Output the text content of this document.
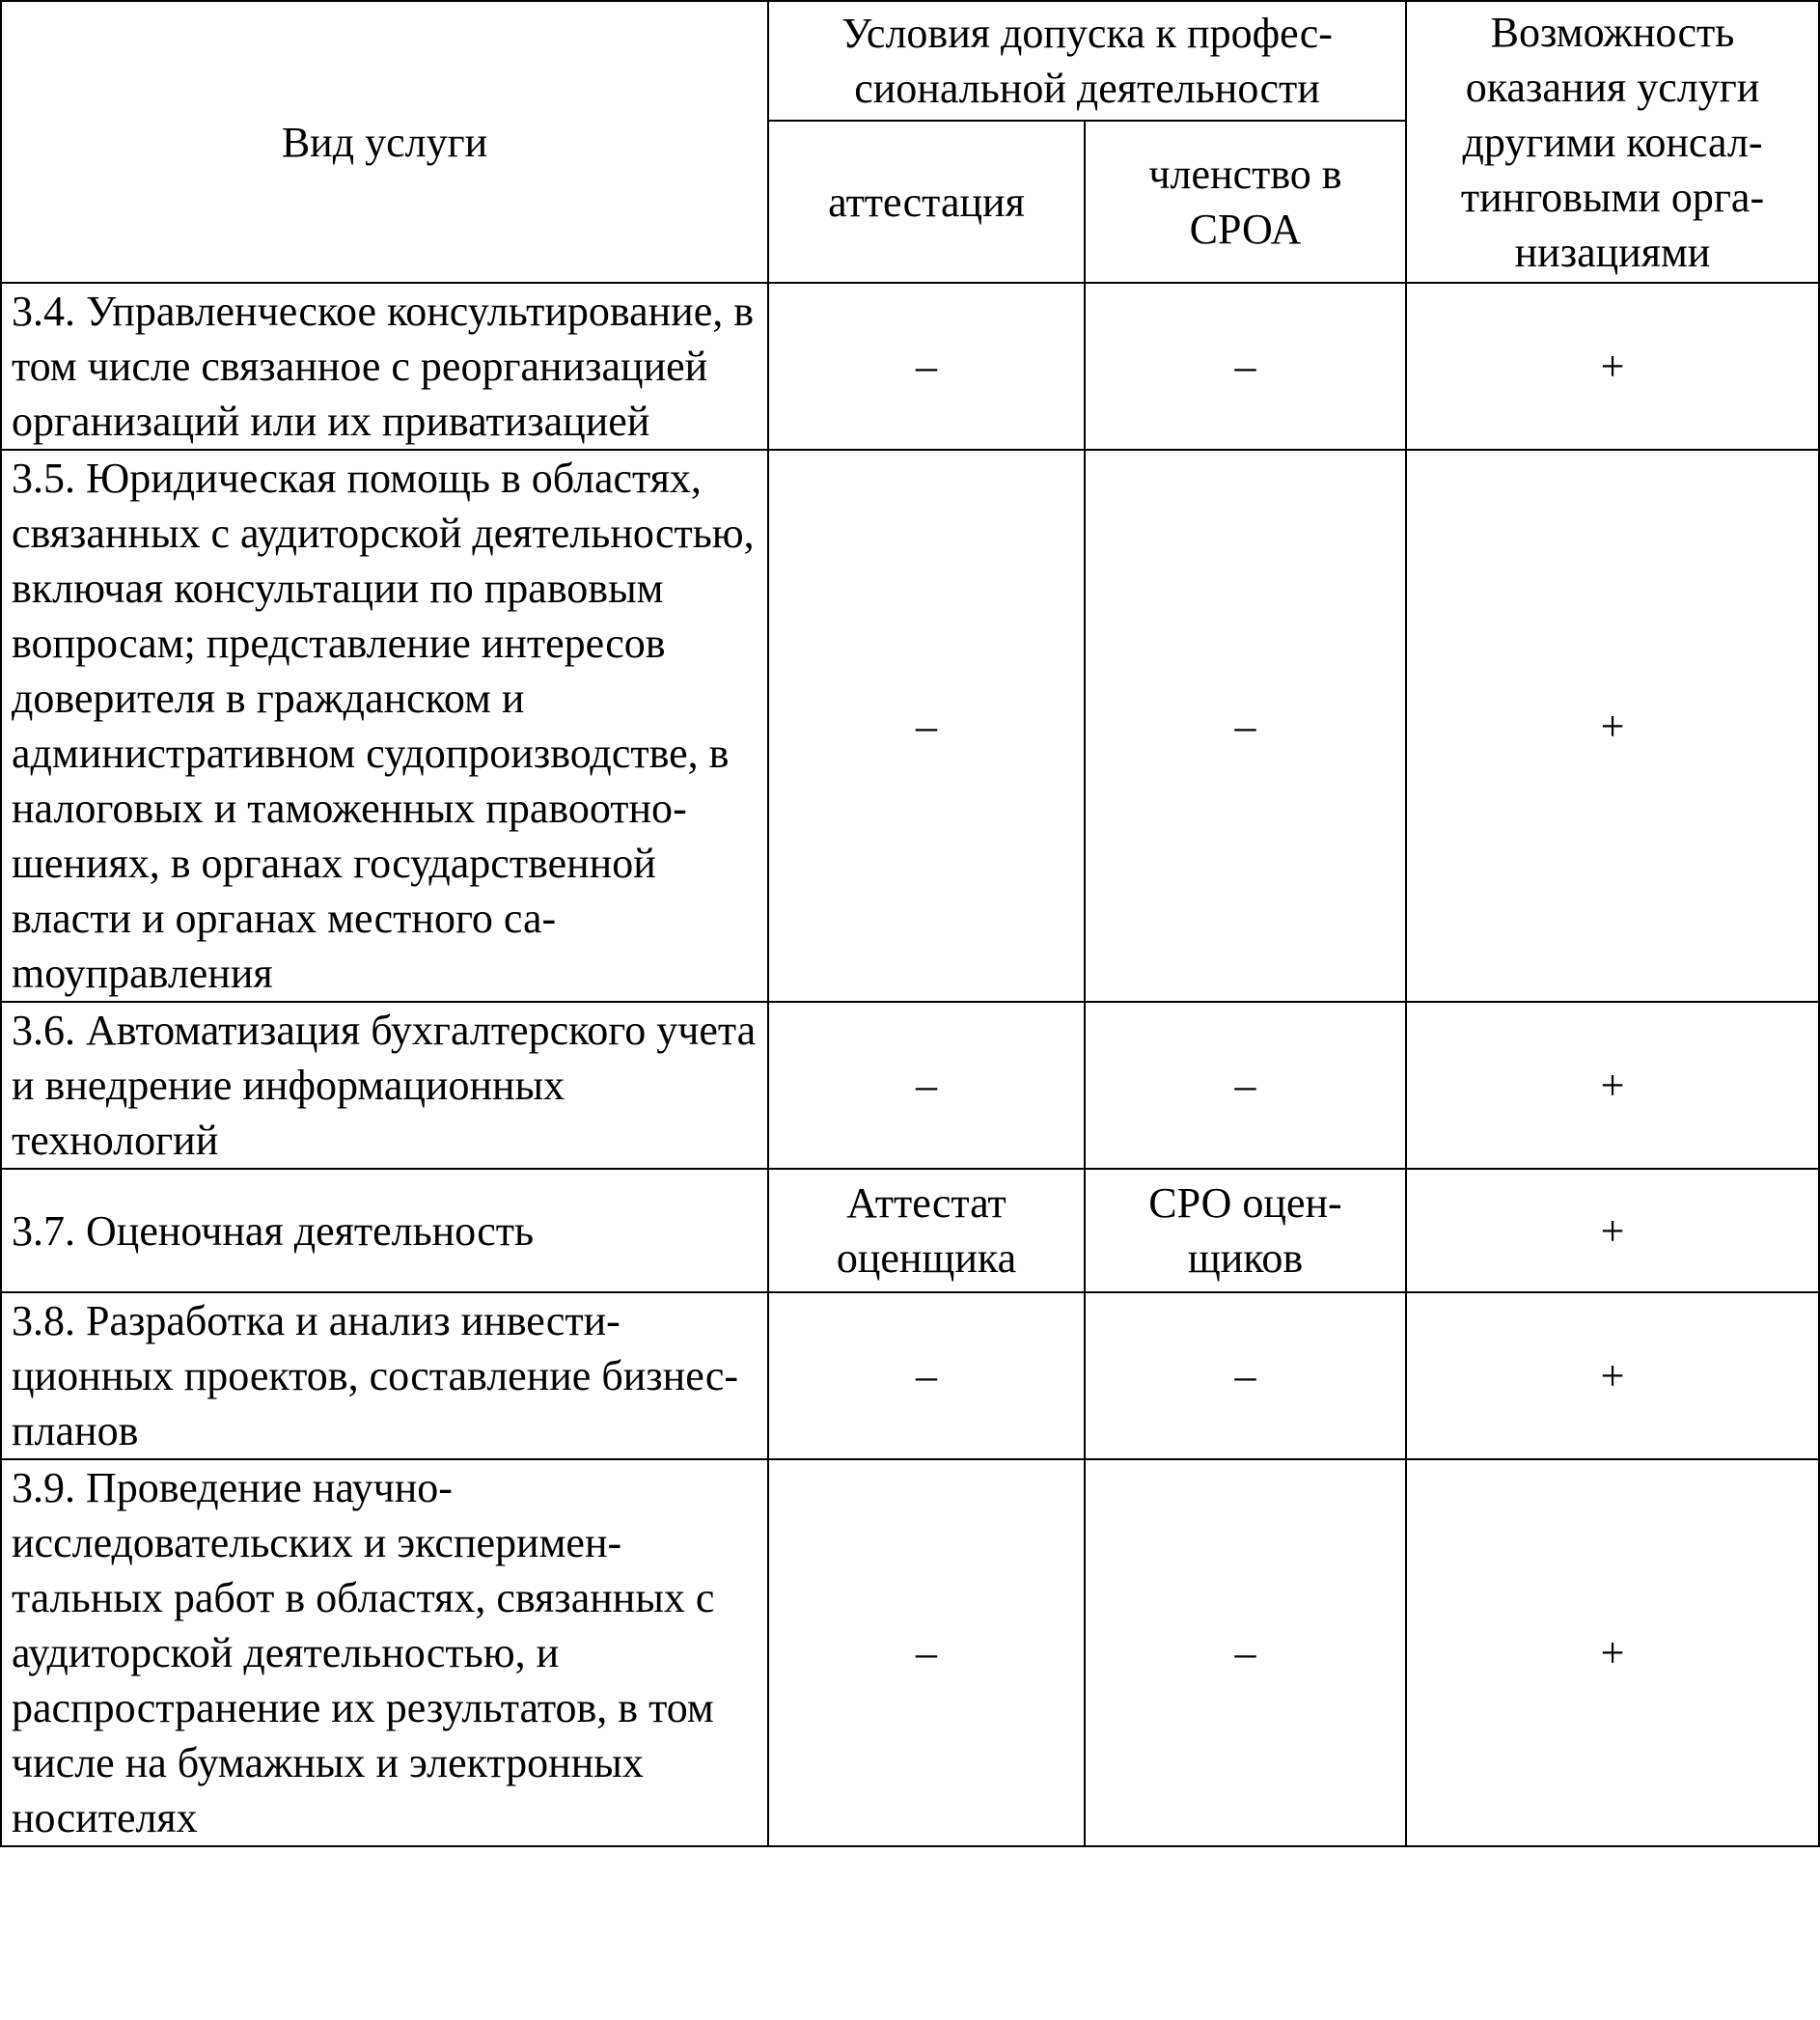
Вид услуги	Условия допуска к профессиональной деятельности		Возможность оказания услуги другими консалтинговыми организациями
	аттестация	членство в СРОА	
3.4. Управленческое консультирование, в том числе связанное с реорганизацией организаций или их приватизацией	–	–	+
3.5. Юридическая помощь в областях, связанных с аудиторской деятельностью, включая консультации по правовым вопросам; представление интересов доверителя в гражданском и административном судопроизводстве, в налоговых и таможенных правоотношениях, в органах государственной власти и органах местного саmоуправления	–	–	+
3.6. Автоматизация бухгалтерского учета и внедрение информационных технологий	–	–	+
3.7. Оценочная деятельность	Аттестат оценщика	СРО оценщиков	+
3.8. Разработка и анализ инвестиционных проектов, составление бизнес-планов	–	–	+
3.9. Проведение научно-исследовательских и экспериментальных работ в областях, связанных с аудиторской деятельностью, и распространение их результатов, в том числе на бумажных и электронных носителях	–	–	+
